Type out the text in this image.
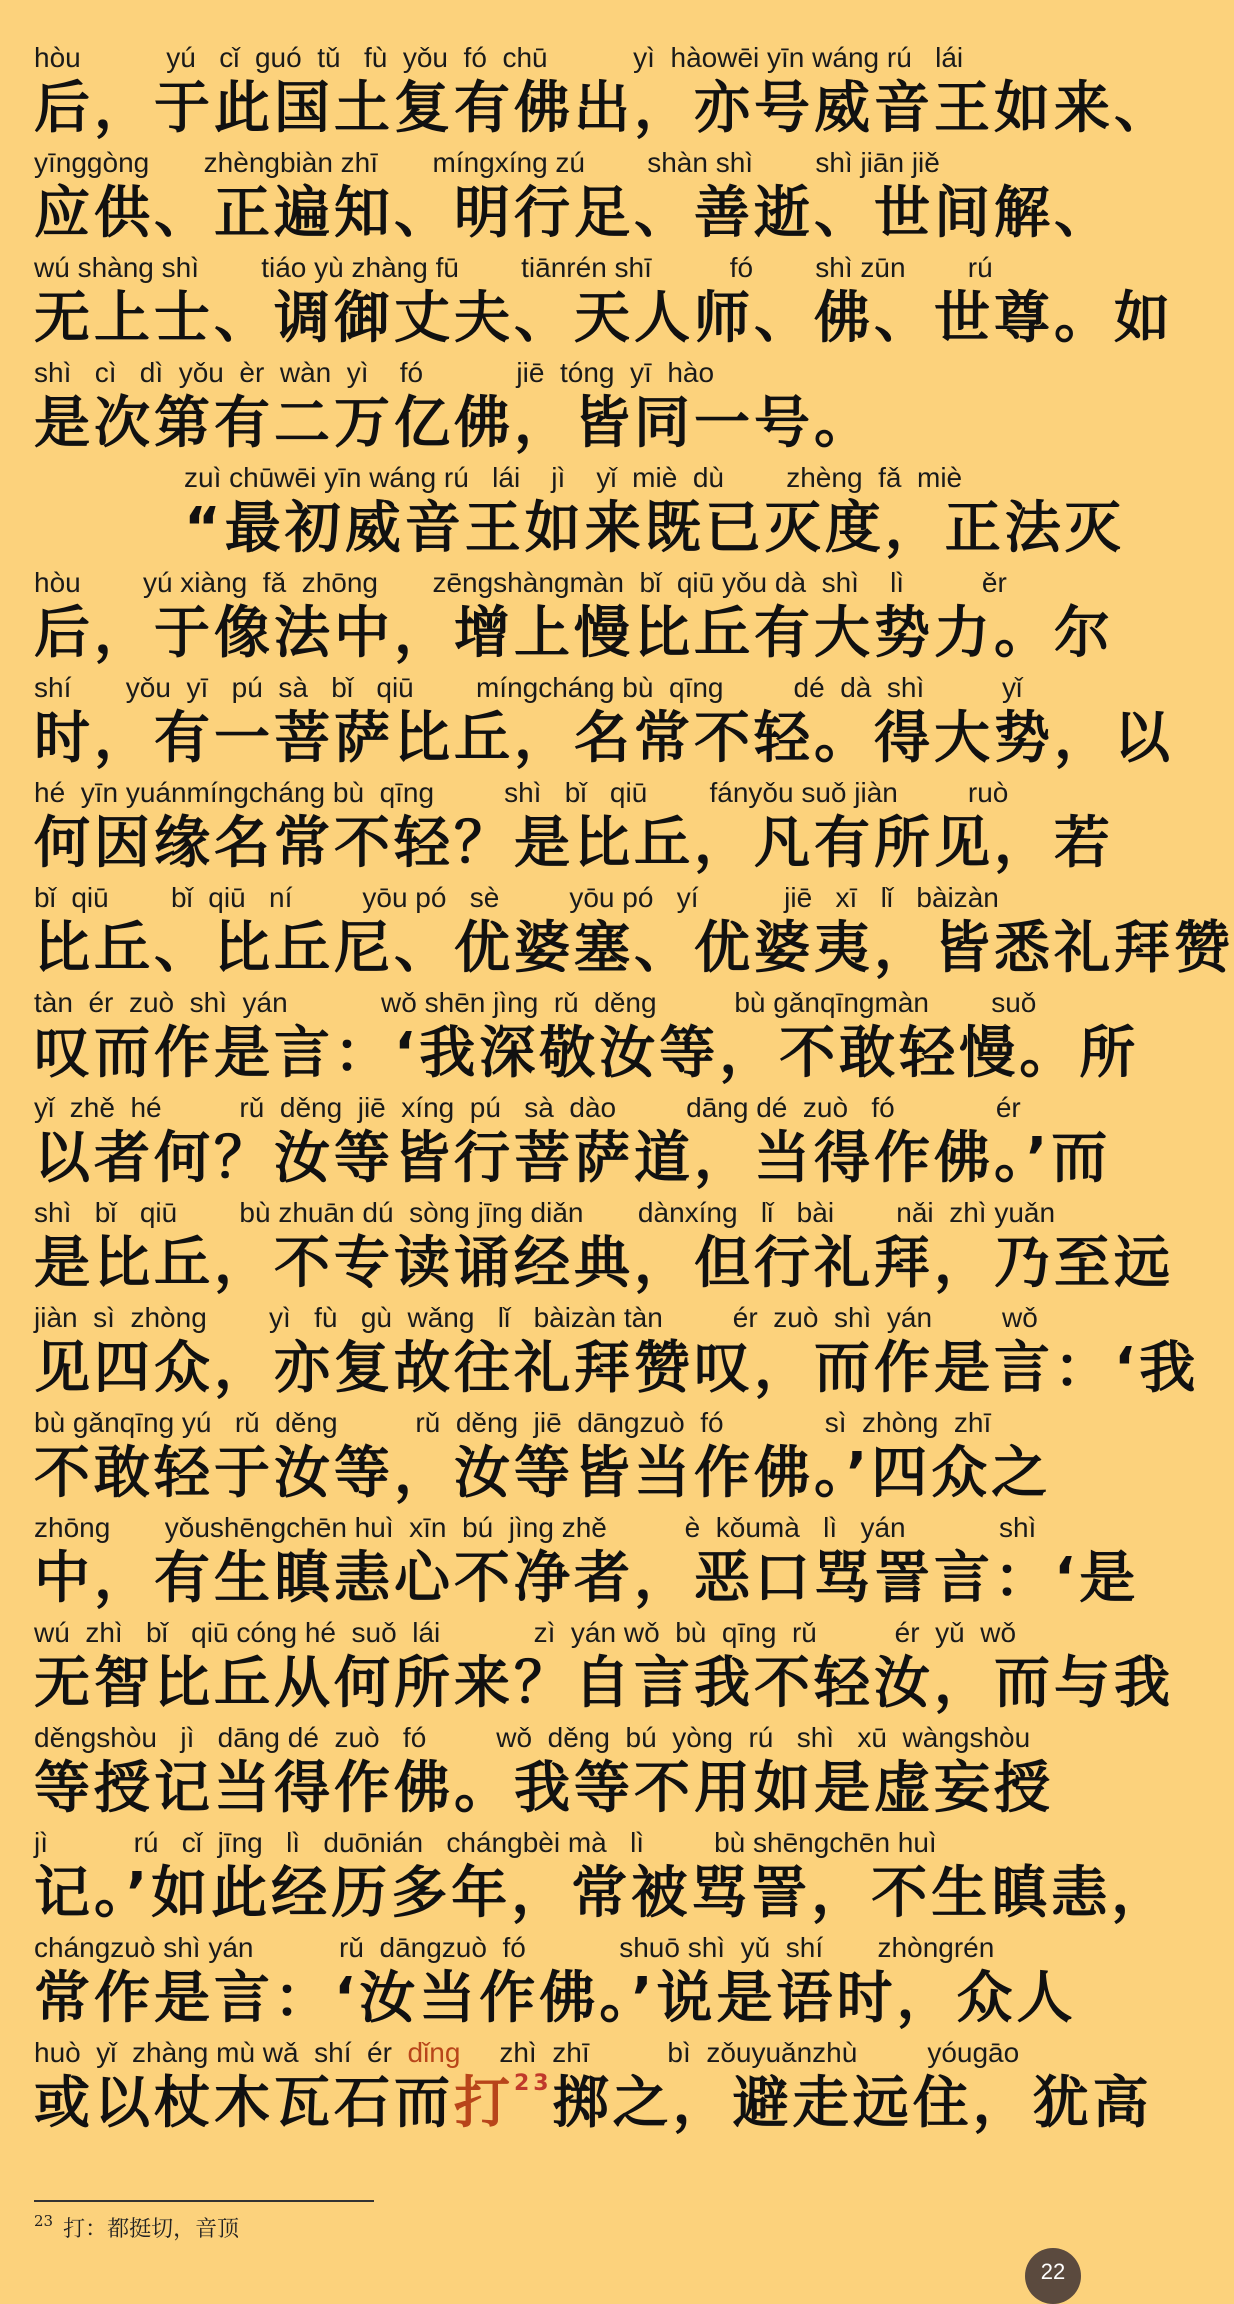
hòu           yú   cǐ  guó  tǔ   fù  yǒu  fó  chū           yì  hàowēi yīn wáng rú   lái
后，于此国土复有佛出，亦号威音王如来、
yīnggòng       zhèngbiàn zhī       míngxíng zú        shàn shì        shì jiān jiě
应供、正遍知、明行足、善逝、世间解、
wú shàng shì        tiáo yù zhàng fū        tiānrén shī          fó        shì zūn        rú
无上士、调御丈夫、天人师、佛、世尊。如
shì   cì   dì  yǒu  èr  wàn  yì    fó            jiē  tóng  yī  hào
是次第有二万亿佛，皆同一号。
zuì chūwēi yīn wáng rú   lái    jì    yǐ  miè  dù        zhèng  fǎ  miè
“最初威音王如来既已灭度，正法灭
hòu        yú xiàng  fǎ  zhōng       zēngshàngmàn  bǐ  qiū yǒu dà  shì    lì          ěr
后，于像法中，增上慢比丘有大势力。尔
shí       yǒu  yī   pú  sà   bǐ   qiū        míngcháng bù  qīng         dé  dà  shì          yǐ
时，有一菩萨比丘，名常不轻。得大势，以
hé  yīn yuánmíngcháng bù  qīng         shì   bǐ   qiū        fányǒu suǒ jiàn         ruò
何因缘名常不轻？是比丘，凡有所见，若
bǐ  qiū        bǐ  qiū   ní         yōu pó   sè         yōu pó   yí           jiē   xī   lǐ   bàizàn
比丘、比丘尼、优婆塞、优婆夷，皆悉礼拜赞
tàn  ér  zuò  shì  yán            wǒ shēn jìng  rǔ  děng          bù gǎnqīngmàn        suǒ
叹而作是言：‘我深敬汝等，不敢轻慢。所
yǐ  zhě  hé          rǔ  děng  jiē  xíng  pú   sà  dào         dāng dé  zuò   fó             ér
以者何？汝等皆行菩萨道，当得作佛。’而
shì   bǐ   qiū        bù zhuān dú  sòng jīng diǎn       dànxíng   lǐ   bài        nǎi  zhì yuǎn
是比丘，不专读诵经典，但行礼拜，乃至远
jiàn  sì  zhòng        yì   fù   gù  wǎng   lǐ   bàizàn tàn         ér  zuò  shì  yán         wǒ
见四众，亦复故往礼拜赞叹，而作是言：‘我
bù gǎnqīng yú   rǔ  děng          rǔ  děng  jiē  dāngzuò  fó             sì  zhòng  zhī
不敢轻于汝等，汝等皆当作佛。’四众之
zhōng       yǒushēngchēn huì  xīn  bú  jìng zhě          è  kǒumà   lì   yán            shì
中，有生瞋恚心不净者，恶口骂詈言：‘是
wú  zhì   bǐ   qiū cóng hé  suǒ  lái            zì  yán wǒ  bù  qīng  rǔ          ér  yǔ  wǒ
无智比丘从何所来？自言我不轻汝，而与我
děngshòu   jì   dāng dé  zuò   fó         wǒ  děng  bú  yòng  rú   shì   xū  wàngshòu
等授记当得作佛。我等不用如是虚妄授
jì           rú   cǐ  jīng   lì   duōnián   chángbèi mà   lì         bù shēngchēn huì
记。’如此经历多年，常被骂詈，不生瞋恚，
chángzuò shì yán           rǔ  dāngzuò  fó            shuō shì  yǔ  shí       zhòngrén
常作是言：‘汝当作佛。’说是语时，众人
huò  yǐ  zhàng mù wǎ  shí  ér  dǐng     zhì  zhī          bì  zǒuyuǎnzhù         yóugāo
或以杖木瓦石而打$^{23}$掷之，避走远住，犹高
$^{23}$ 打：都挺切，音顶
22
